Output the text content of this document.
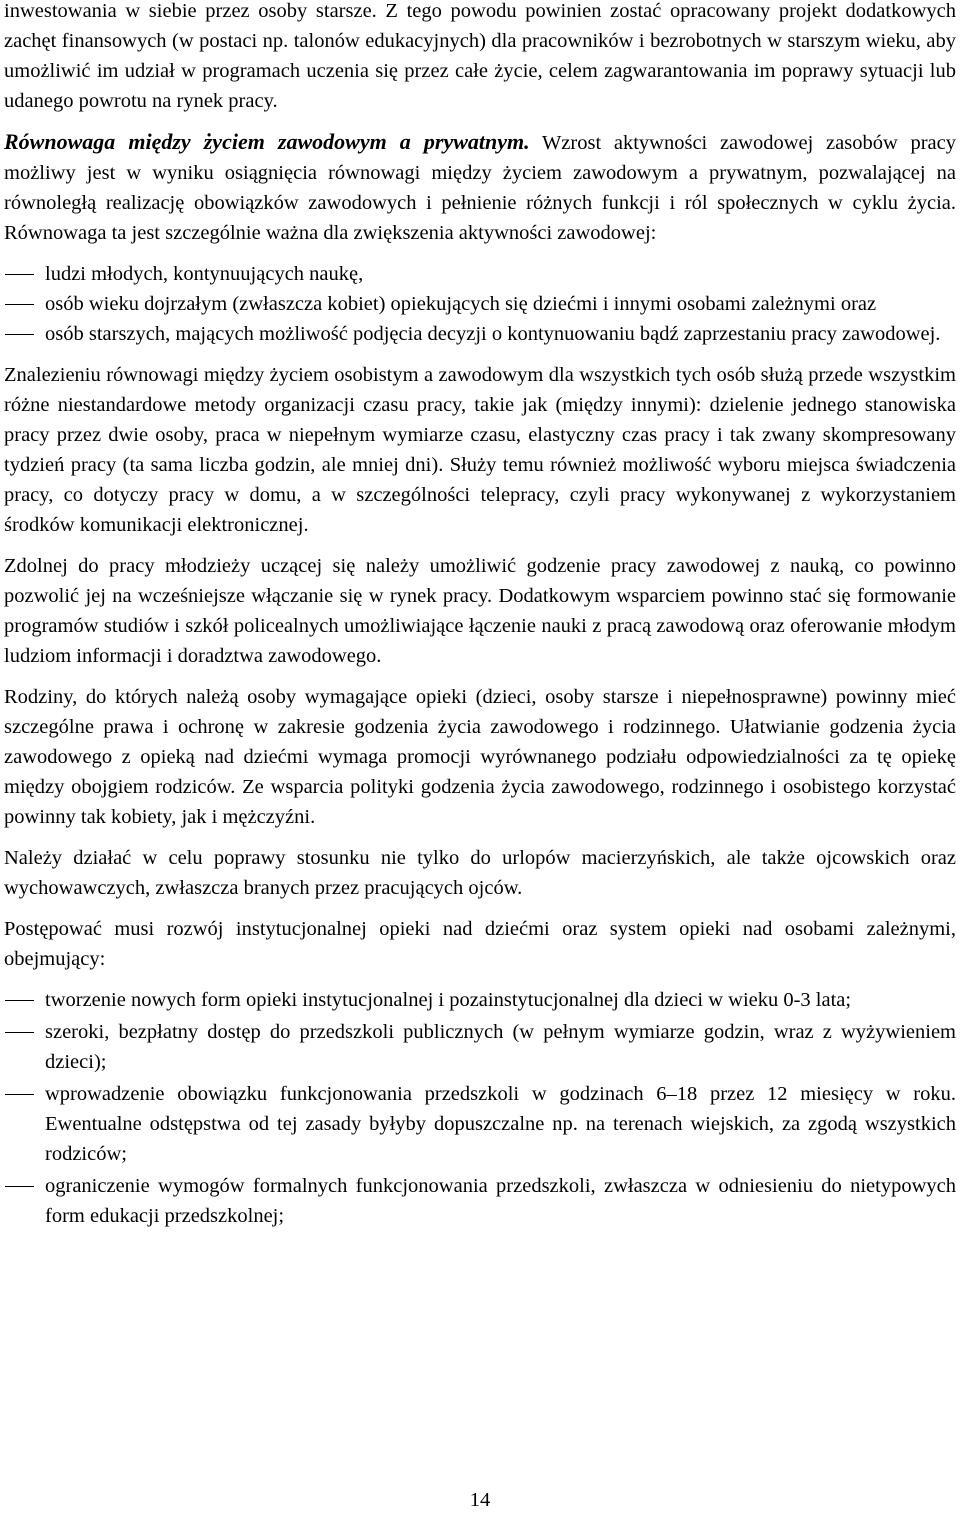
inwestowania w siebie przez osoby starsze. Z tego powodu powinien zostać opracowany projekt dodatkowych zachęt finansowych (w postaci np. talonów edukacyjnych) dla pracowników i bezrobotnych w starszym wieku, aby umożliwić im udział w programach uczenia się przez całe życie, celem zagwarantowania im poprawy sytuacji lub udanego powrotu na rynek pracy.

Równowaga między życiem zawodowym a prywatnym. Wzrost aktywności zawodowej zasobów pracy możliwy jest w wyniku osiągnięcia równowagi między życiem zawodowym a prywatnym, pozwalającej na równoległą realizację obowiązków zawodowych i pełnienie różnych funkcji i ról społecznych w cyklu życia. Równowaga ta jest szczególnie ważna dla zwiększenia aktywności zawodowej:

ludzi młodych, kontynuujących naukę,
osób wieku dojrzałym (zwłaszcza kobiet) opiekujących się dziećmi i innymi osobami zależnymi oraz
osób starszych, mających możliwość podjęcia decyzji o kontynuowaniu bądź zaprzestaniu pracy zawodowej.

Znalezieniu równowagi między życiem osobistym a zawodowym dla wszystkich tych osób służą przede wszystkim różne niestandardowe metody organizacji czasu pracy, takie jak (między innymi): dzielenie jednego stanowiska pracy przez dwie osoby, praca w niepełnym wymiarze czasu, elastyczny czas pracy i tak zwany skompresowany tydzień pracy (ta sama liczba godzin, ale mniej dni). Służy temu również możliwość wyboru miejsca świadczenia pracy, co dotyczy pracy w domu, a w szczególności telepracy, czyli pracy wykonywanej z wykorzystaniem środków komunikacji elektronicznej.

Zdolnej do pracy młodzieży uczącej się należy umożliwić godzenie pracy zawodowej z nauką, co powinno pozwolić jej na wcześniejsze włączanie się w rynek pracy. Dodatkowym wsparciem powinno stać się formowanie programów studiów i szkół policealnych umożliwiające łączenie nauki z pracą zawodową oraz oferowanie młodym ludziom informacji i doradztwa zawodowego.

Rodziny, do których należą osoby wymagające opieki (dzieci, osoby starsze i niepełnosprawne) powinny mieć szczególne prawa i ochronę w zakresie godzenia życia zawodowego i rodzinnego. Ułatwianie godzenia życia zawodowego z opieką nad dziećmi wymaga promocji wyrównanego podziału odpowiedzialności za tę opiekę między obojgiem rodziców. Ze wsparcia polityki godzenia życia zawodowego, rodzinnego i osobistego korzystać powinny tak kobiety, jak i mężczyźni.

Należy działać w celu poprawy stosunku nie tylko do urlopów macierzyńskich, ale także ojcowskich oraz wychowawczych, zwłaszcza branych przez pracujących ojców.

Postępować musi rozwój instytucjonalnej opieki nad dziećmi oraz system opieki nad osobami zależnymi, obejmujący:

tworzenie nowych form opieki instytucjonalnej i pozainstytucjonalnej dla dzieci w wieku 0-3 lata;
szeroki, bezpłatny dostęp do przedszkoli publicznych (w pełnym wymiarze godzin, wraz z wyżywieniem dzieci);
wprowadzenie obowiązku funkcjonowania przedszkoli w godzinach 6–18 przez 12 miesięcy w roku. Ewentualne odstępstwa od tej zasady byłyby dopuszczalne np. na terenach wiejskich, za zgodą wszystkich rodziców;
ograniczenie wymogów formalnych funkcjonowania przedszkoli, zwłaszcza w odniesieniu do nietypowych form edukacji przedszkolnej;
14
